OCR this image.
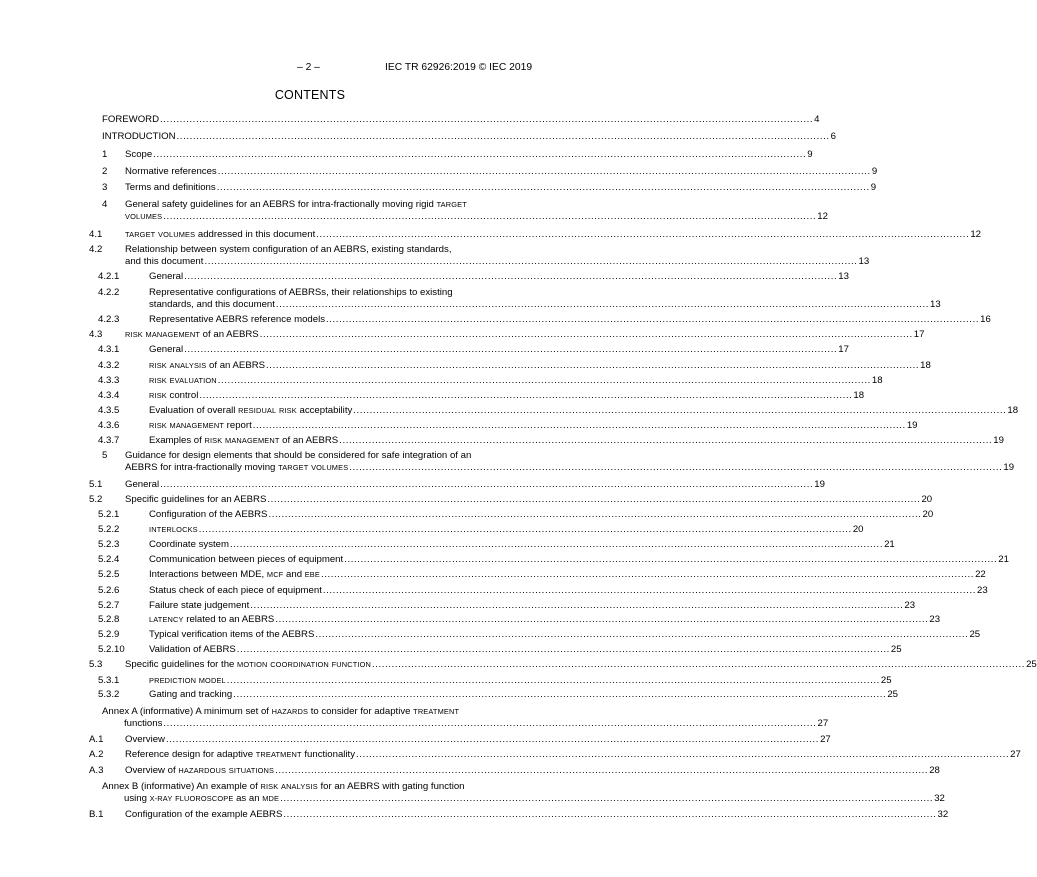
– 2 –	IEC TR 62926:2019 © IEC 2019
CONTENTS
FOREWORD ........................................................................................................................................................................................................ 4
INTRODUCTION ........................................................................................................................................................................................................ 6
1 Scope ........................................................................................................................................................................................................ 9
2 Normative references ........................................................................................................................................................................................................ 9
3 Terms and definitions ........................................................................................................................................................................................................ 9
4 General safety guidelines for an AEBRS for intra-fractionally moving rigid TARGET
VOLUMES ........................................................................................................................................................................................................ 12
4.1	TARGET VOLUMES addressed in this document ........................................................................................................................................................................................................ 12
4.2 Relationship between system configuration of an AEBRS, existing standards,
and this document ........................................................................................................................................................................................................ 13
4.2.1	General ........................................................................................................................................................................................................ 13
4.2.2	Representative configurations of AEBRSs, their relationships to existing
standards, and this document ........................................................................................................................................................................................................ 13
4.2.3	Representative AEBRS reference models ........................................................................................................................................................................................................ 16
4.3	RISK MANAGEMENT of an AEBRS ........................................................................................................................................................................................................ 17
4.3.1	General ........................................................................................................................................................................................................ 17
4.3.2	RISK ANALYSIS of an AEBRS ........................................................................................................................................................................................................ 18
4.3.3	RISK EVALUATION ........................................................................................................................................................................................................ 18
4.3.4	RISK control ........................................................................................................................................................................................................ 18
4.3.5	Evaluation of overall RESIDUAL RISK acceptability ........................................................................................................................................................................................................ 18
4.3.6	RISK MANAGEMENT report ........................................................................................................................................................................................................ 19
4.3.7	Examples of RISK MANAGEMENT of an AEBRS ........................................................................................................................................................................................................ 19
5 Guidance for design elements that should be considered for safe integration of an
AEBRS for intra-fractionally moving TARGET VOLUMES ........................................................................................................................................................................................................ 19
5.1 General ........................................................................................................................................................................................................ 19
5.2 Specific guidelines for an AEBRS ........................................................................................................................................................................................................ 20
5.2.1	Configuration of the AEBRS ........................................................................................................................................................................................................ 20
5.2.2	INTERLOCKS ........................................................................................................................................................................................................ 20
5.2.3	Coordinate system ........................................................................................................................................................................................................ 21
5.2.4	Communication between pieces of equipment ........................................................................................................................................................................................................ 21
5.2.5	Interactions between MDE, MCF and EBE ........................................................................................................................................................................................................ 22
5.2.6	Status check of each piece of equipment ........................................................................................................................................................................................................ 23
5.2.7	Failure state judgement ........................................................................................................................................................................................................ 23
5.2.8	LATENCY related to an AEBRS ........................................................................................................................................................................................................ 23
5.2.9	Typical verification items of the AEBRS ........................................................................................................................................................................................................ 25
5.2.10	Validation of AEBRS ........................................................................................................................................................................................................ 25
5.3 Specific guidelines for the MOTION COORDINATION FUNCTION ........................................................................................................................................................................................................ 25
5.3.1	PREDICTION MODEL ........................................................................................................................................................................................................ 25
5.3.2	Gating and tracking ........................................................................................................................................................................................................ 25
Annex A (informative) A minimum set of HAZARDS to consider for adaptive TREATMENT
functions ........................................................................................................................................................................................................ 27
A.1 Overview ........................................................................................................................................................................................................ 27
A.2 Reference design for adaptive TREATMENT functionality ........................................................................................................................................................................................................ 27
A.3 Overview of HAZARDOUS SITUATIONS ........................................................................................................................................................................................................ 28
Annex B (informative) An example of RISK ANALYSIS for an AEBRS with gating function
using X-RAY FLUOROSCOPE as an MDE ........................................................................................................................................................................................................ 32
B.1 Configuration of the example AEBRS ........................................................................................................................................................................................................ 32
